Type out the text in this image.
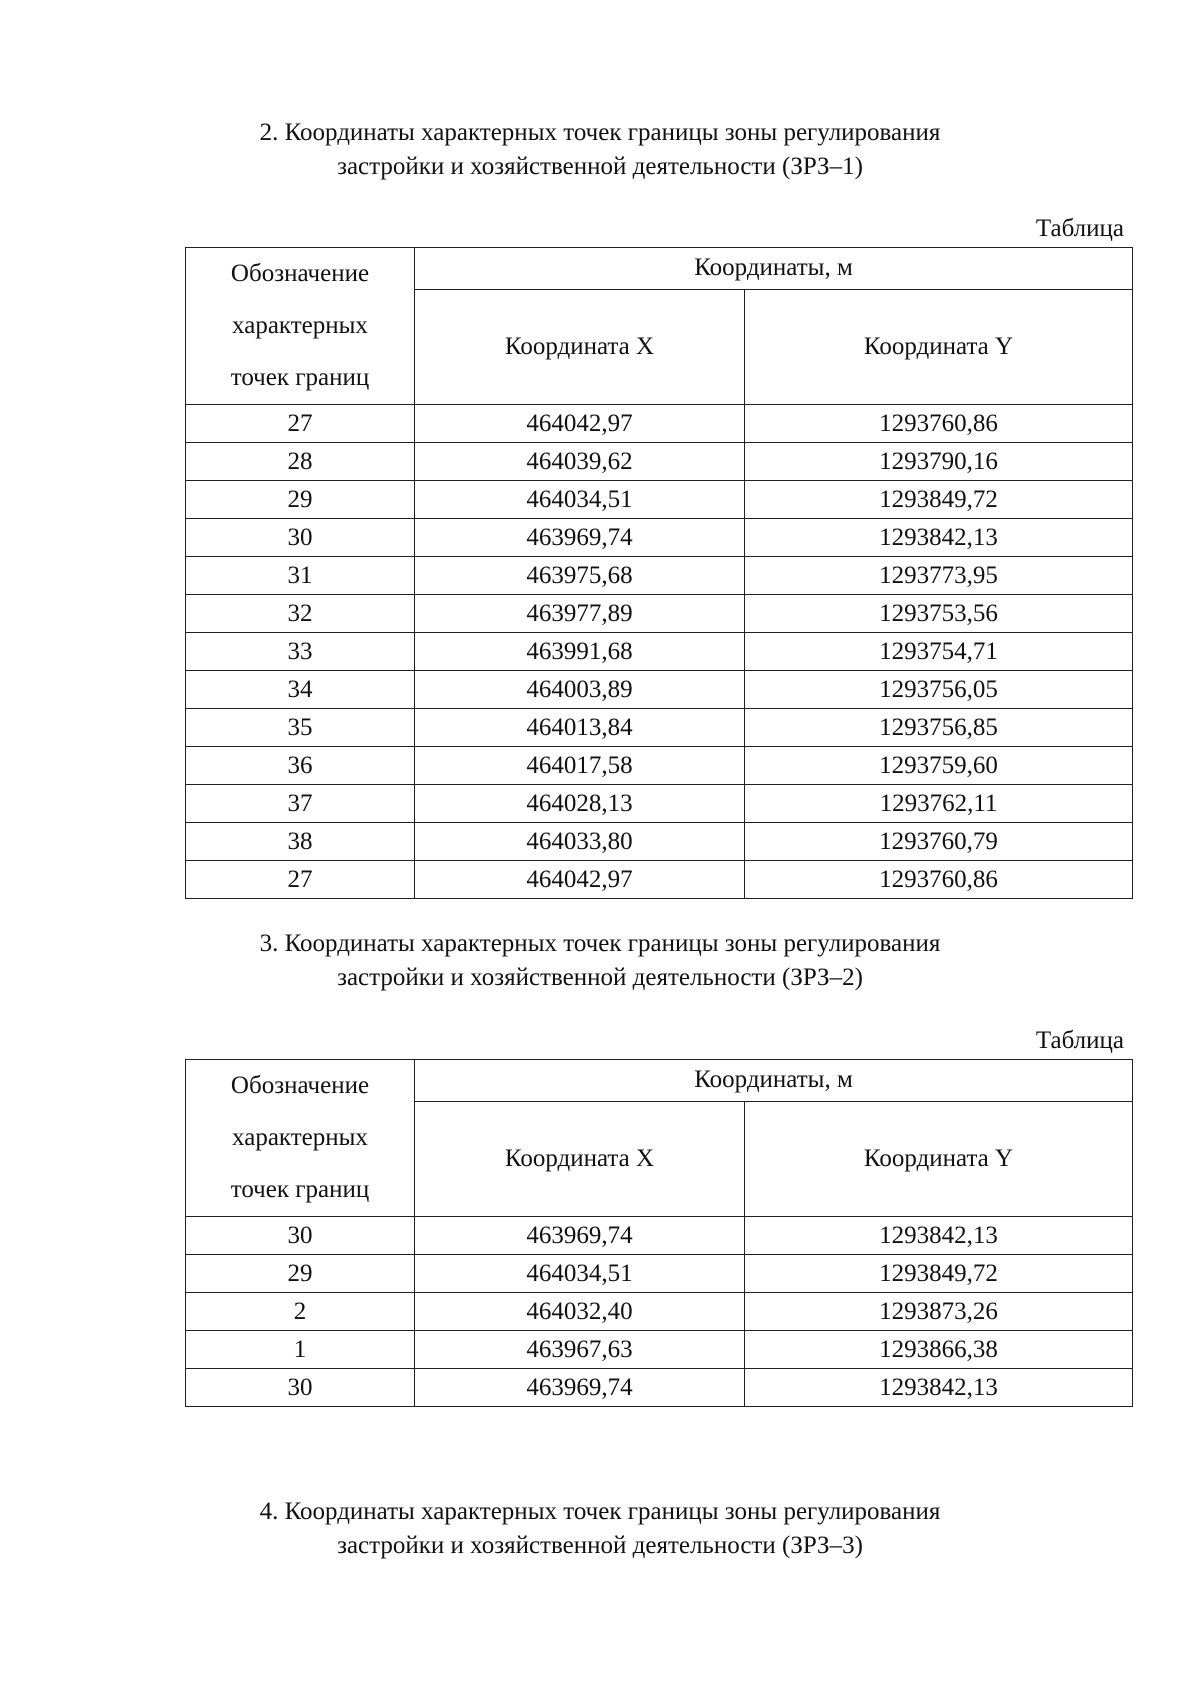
2. Координаты характерных точек границы зоны регулирования
застройки и хозяйственной деятельности (ЗРЗ–1)
Таблица
Обозначение
характерных
точек границ	Координаты, м	
	Координата X	Координата Y
27	464042,97	1293760,86
28	464039,62	1293790,16
29	464034,51	1293849,72
30	463969,74	1293842,13
31	463975,68	1293773,95
32	463977,89	1293753,56
33	463991,68	1293754,71
34	464003,89	1293756,05
35	464013,84	1293756,85
36	464017,58	1293759,60
37	464028,13	1293762,11
38	464033,80	1293760,79
27	464042,97	1293760,86
3. Координаты характерных точек границы зоны регулирования
застройки и хозяйственной деятельности (ЗРЗ–2)
Таблица
Обозначение
характерных
точек границ	Координаты, м	
	Координата X	Координата Y
30	463969,74	1293842,13
29	464034,51	1293849,72
2	464032,40	1293873,26
1	463967,63	1293866,38
30	463969,74	1293842,13
4. Координаты характерных точек границы зоны регулирования
застройки и хозяйственной деятельности (ЗРЗ–3)
